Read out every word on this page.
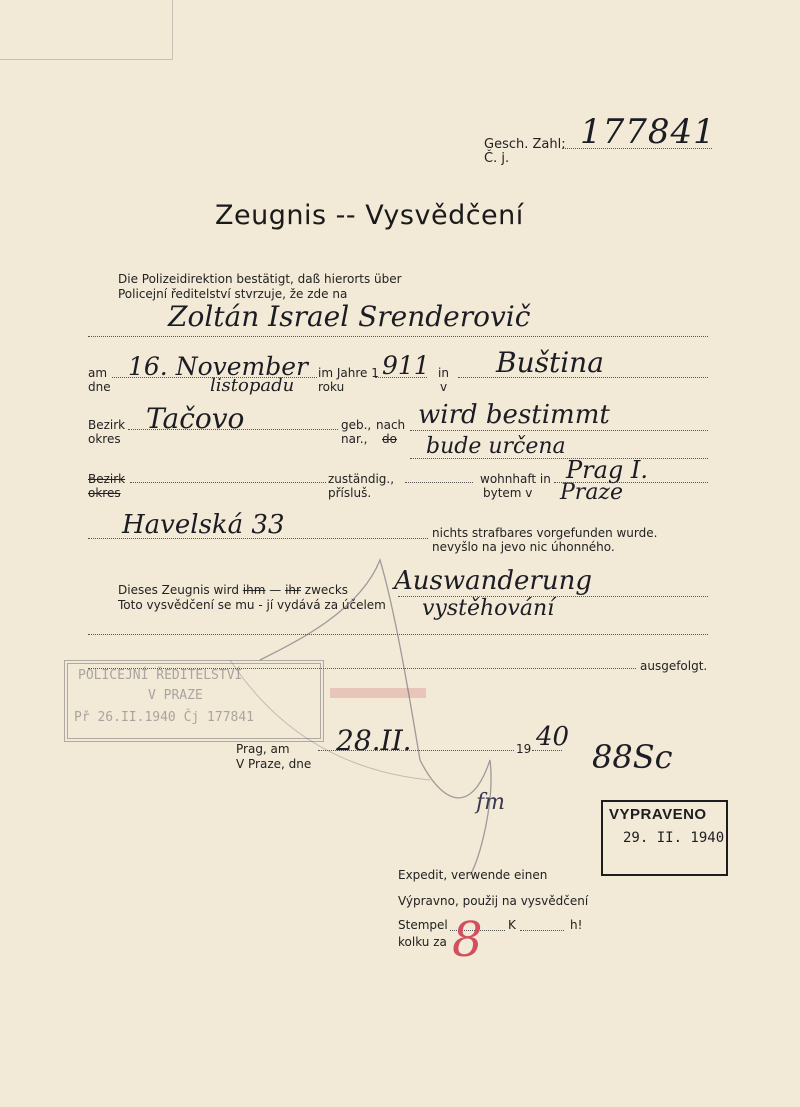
Gesch. Zahl:
Č. j.
177841
Zeugnis -- Vysvědčení
Die Polizeidirektion bestätigt, daß hierorts über
Policejní ředitelství stvrzuje, že zde na
Zoltán Israel Srenderovič
am
dne
16. November
listopadu
im Jahre 1
roku
911 in
v
Buština
Bezirk
okres
Tačovo	geb.,
nar.,
nach
do
wird bestimmt
bude určena
Bezirk
okres
zuständig.,
přísluš.
wohnhaft in
bytem v
Prag I.
Praze
Havelská 33	nichts strafbares vorgefunden wurde.
nevyšlo na jevo nic úhonného.
Dieses Zeugnis wird ihm — ihr zwecks
Toto vysvědčení se mu - jí vydává za účelem
Auswanderung
vystěhování
ausgefolgt.
POLICEJNÍ ŘEDITELSTVÍ
V PRAZE
Př 26.II.1940 Čj 177841
Prag, am
V Praze, dne
28.II.	19 40
88Sc
fm	VYPRAVENO
29. II. 1940
Expedit, verwende einen
Výpravno, použij na vysvědčení
Stempel	K	h!
kolku za 8
